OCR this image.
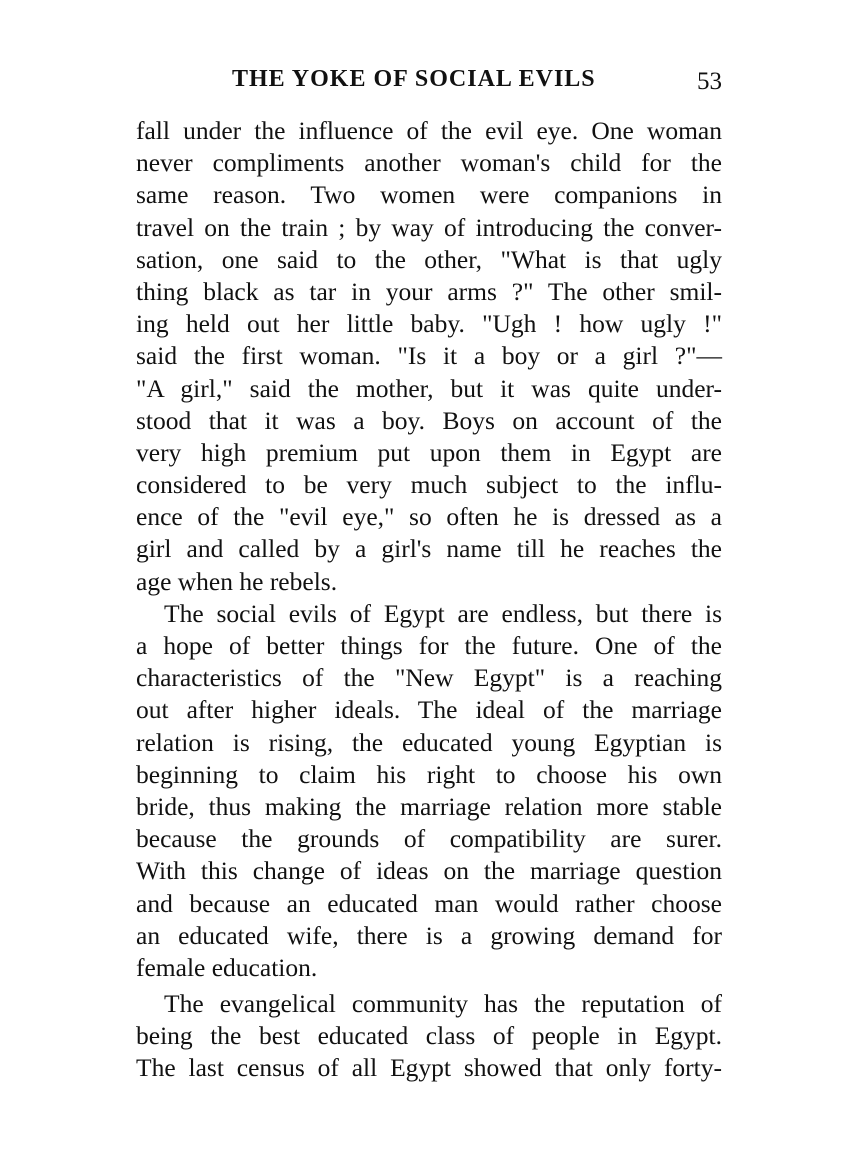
THE YOKE OF SOCIAL EVILS	53
fall under the influence of the evil eye. One woman
never compliments another woman's child for the
same reason. Two women were companions in
travel on the train ; by way of introducing the conver-
sation, one said to the other, "What is that ugly
thing black as tar in your arms ?" The other smil-
ing held out her little baby. "Ugh ! how ugly !"
said the first woman. "Is it a boy or a girl ?"—
"A girl," said the mother, but it was quite under-
stood that it was a boy. Boys on account of the
very high premium put upon them in Egypt are
considered to be very much subject to the influ-
ence of the "evil eye," so often he is dressed as a
girl and called by a girl's name till he reaches the
age when he rebels.
The social evils of Egypt are endless, but there is
a hope of better things for the future. One of the
characteristics of the "New Egypt" is a reaching
out after higher ideals. The ideal of the marriage
relation is rising, the educated young Egyptian is
beginning to claim his right to choose his own
bride, thus making the marriage relation more stable
because the grounds of compatibility are surer.
With this change of ideas on the marriage question
and because an educated man would rather choose
an educated wife, there is a growing demand for
female education.
The evangelical community has the reputation of
being the best educated class of people in Egypt.
The last census of all Egypt showed that only forty-
